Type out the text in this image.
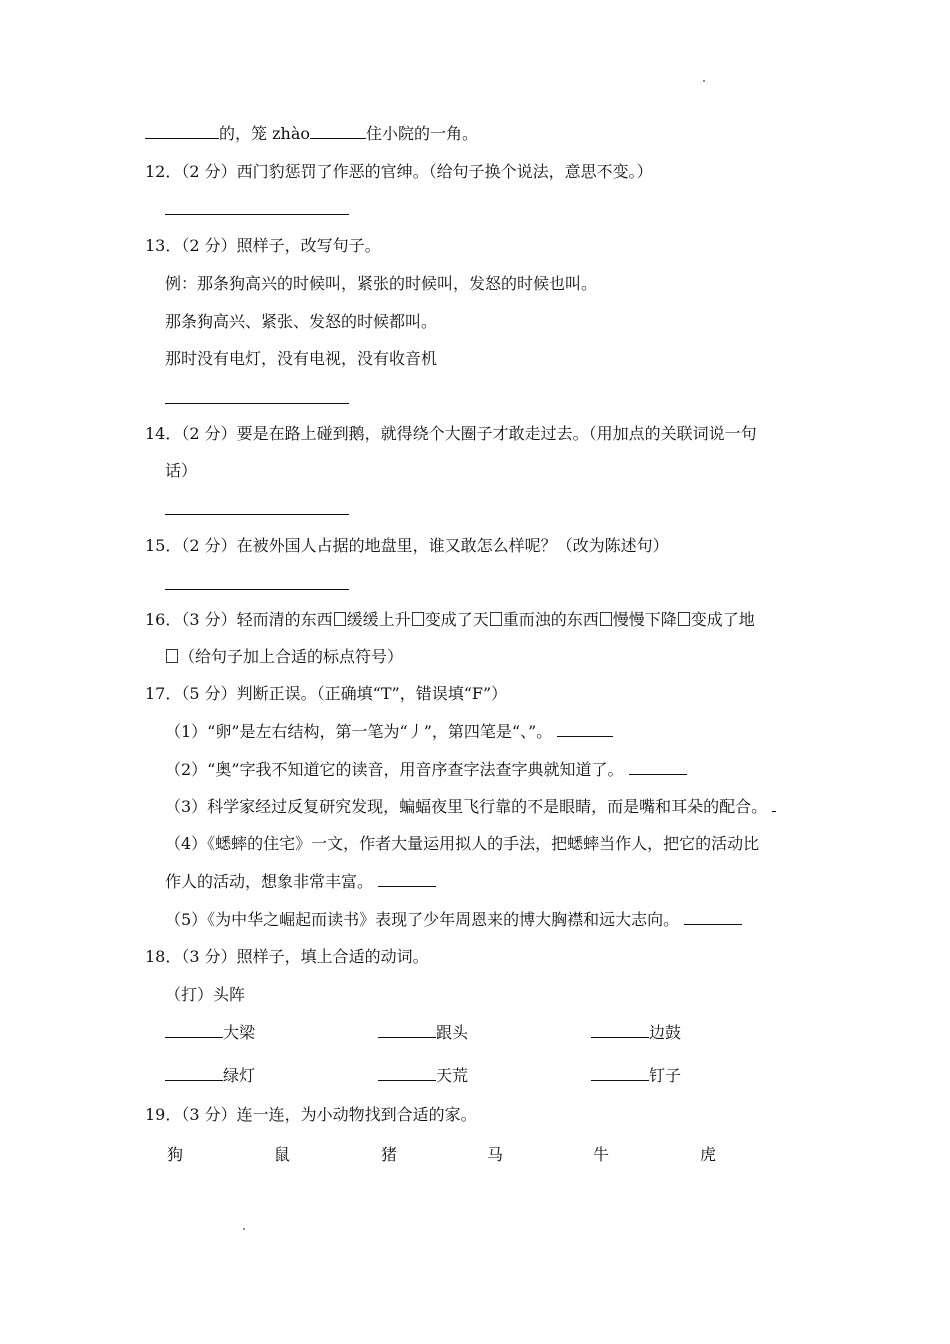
的，笼 zhào	住小院的一角。
12．（2 分）西门豹惩罚了作恶的官绅。（给句子换个说法，意思不变。）
13．（2 分）照样子，改写句子。
例：那条狗高兴的时候叫，紧张的时候叫，发怒的时候也叫。
那条狗高兴、紧张、发怒的时候都叫。
那时没有电灯，没有电视，没有收音机
14．（2 分）要是在路上碰到鹅，就得绕个大圈子才敢走过去。（用加点的关联词说一句
话）
15．（2 分）在被外国人占据的地盘里，谁又敢怎么样呢？（改为陈述句）
16．（3 分）轻而清的东西 缓缓上升 变成了天 重而浊的东西 慢慢下降 变成了地
（给句子加上合适的标点符号）
17．（5 分）判断正误。（正确填“T”，错误填“F”）
（1）“卵”是左右结构，第一笔为“丿”，第四笔是“、”。
（2）“奥”字我不知道它的读音，用音序查字法查字典就知道了。
（3）科学家经过反复研究发现，蝙蝠夜里飞行靠的不是眼睛，而是嘴和耳朵的配合。
（4）《蟋蟀的住宅》一文，作者大量运用拟人的手法，把蟋蟀当作人，把它的活动比
作人的活动，想象非常丰富。
（5）《为中华之崛起而读书》表现了少年周恩来的博大胸襟和远大志向。
18．（3 分）照样子，填上合适的动词。
（打）头阵
大梁	跟头	边鼓
绿灯	天荒	钉子
19．（3 分）连一连，为小动物找到合适的家。
狗	鼠	猪	马	牛	虎
